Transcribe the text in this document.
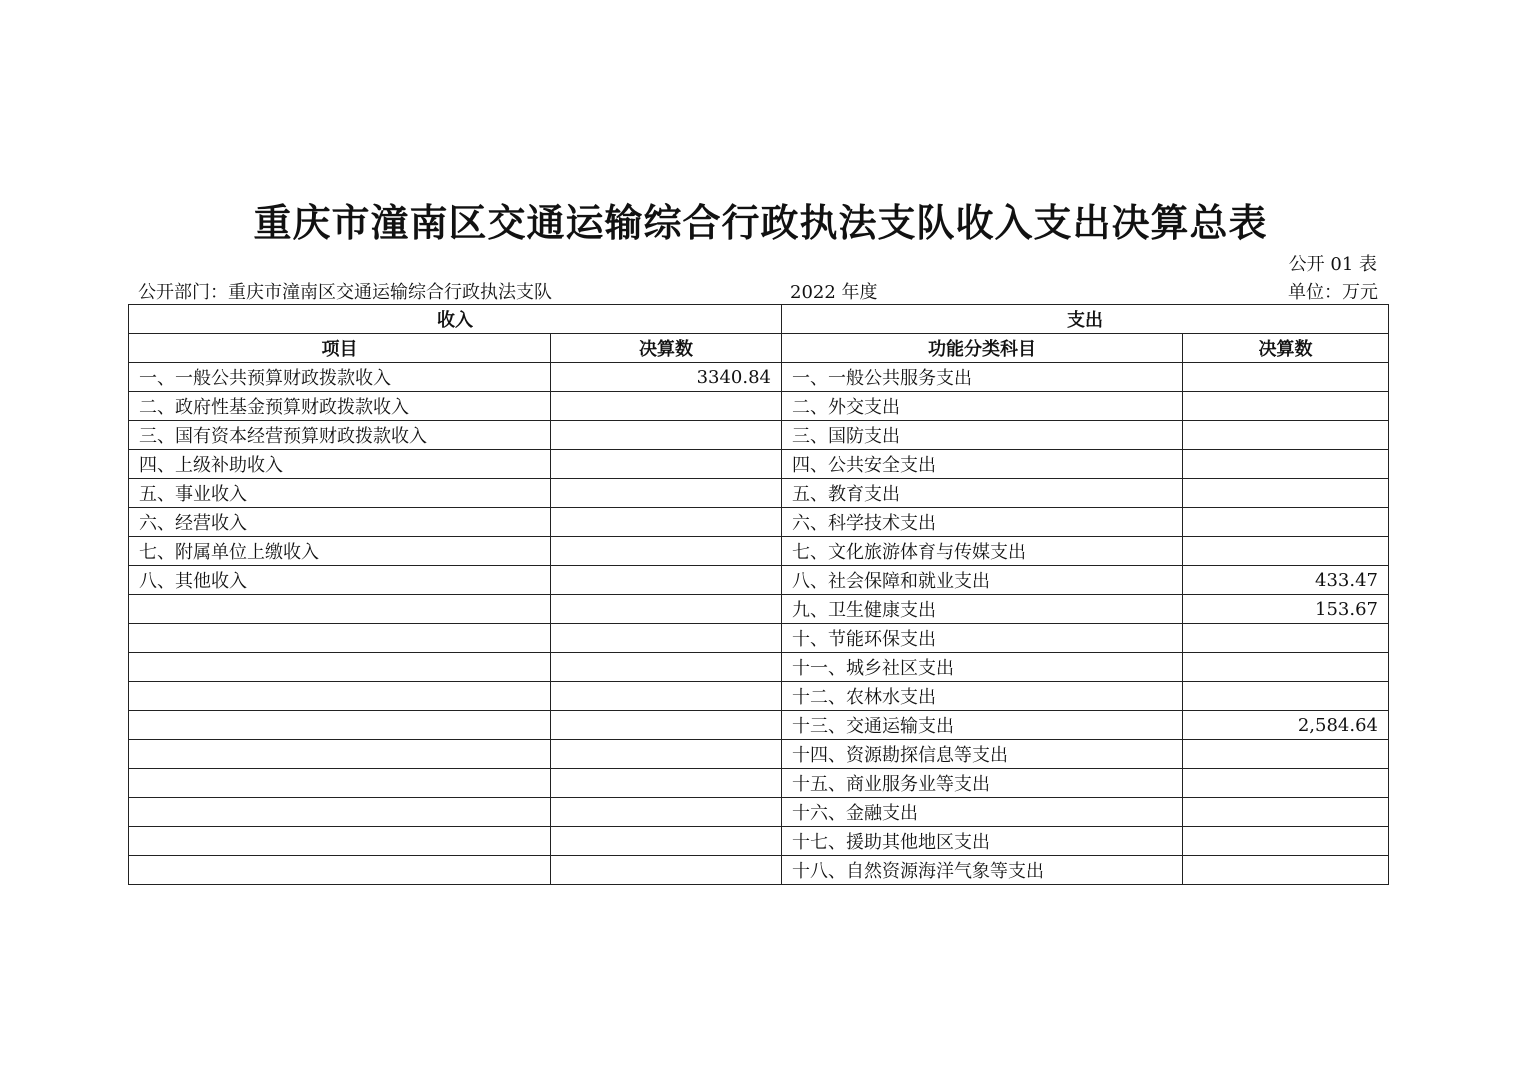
重庆市潼南区交通运输综合行政执法支队收入支出决算总表
公开 01 表
公开部门：重庆市潼南区交通运输综合行政执法支队	2022 年度	单位：万元
收入		支出	
项目	决算数	功能分类科目	决算数
一、一般公共预算财政拨款收入	3340.84	一、一般公共服务支出	
二、政府性基金预算财政拨款收入		二、外交支出	
三、国有资本经营预算财政拨款收入		三、国防支出	
四、上级补助收入		四、公共安全支出	
五、事业收入		五、教育支出	
六、经营收入		六、科学技术支出	
七、附属单位上缴收入		七、文化旅游体育与传媒支出	
八、其他收入		八、社会保障和就业支出	433.47
		九、卫生健康支出	153.67
		十、节能环保支出	
		十一、城乡社区支出	
		十二、农林水支出	
		十三、交通运输支出	2,584.64
		十四、资源勘探信息等支出	
		十五、商业服务业等支出	
		十六、金融支出	
		十七、援助其他地区支出	
		十八、自然资源海洋气象等支出	
